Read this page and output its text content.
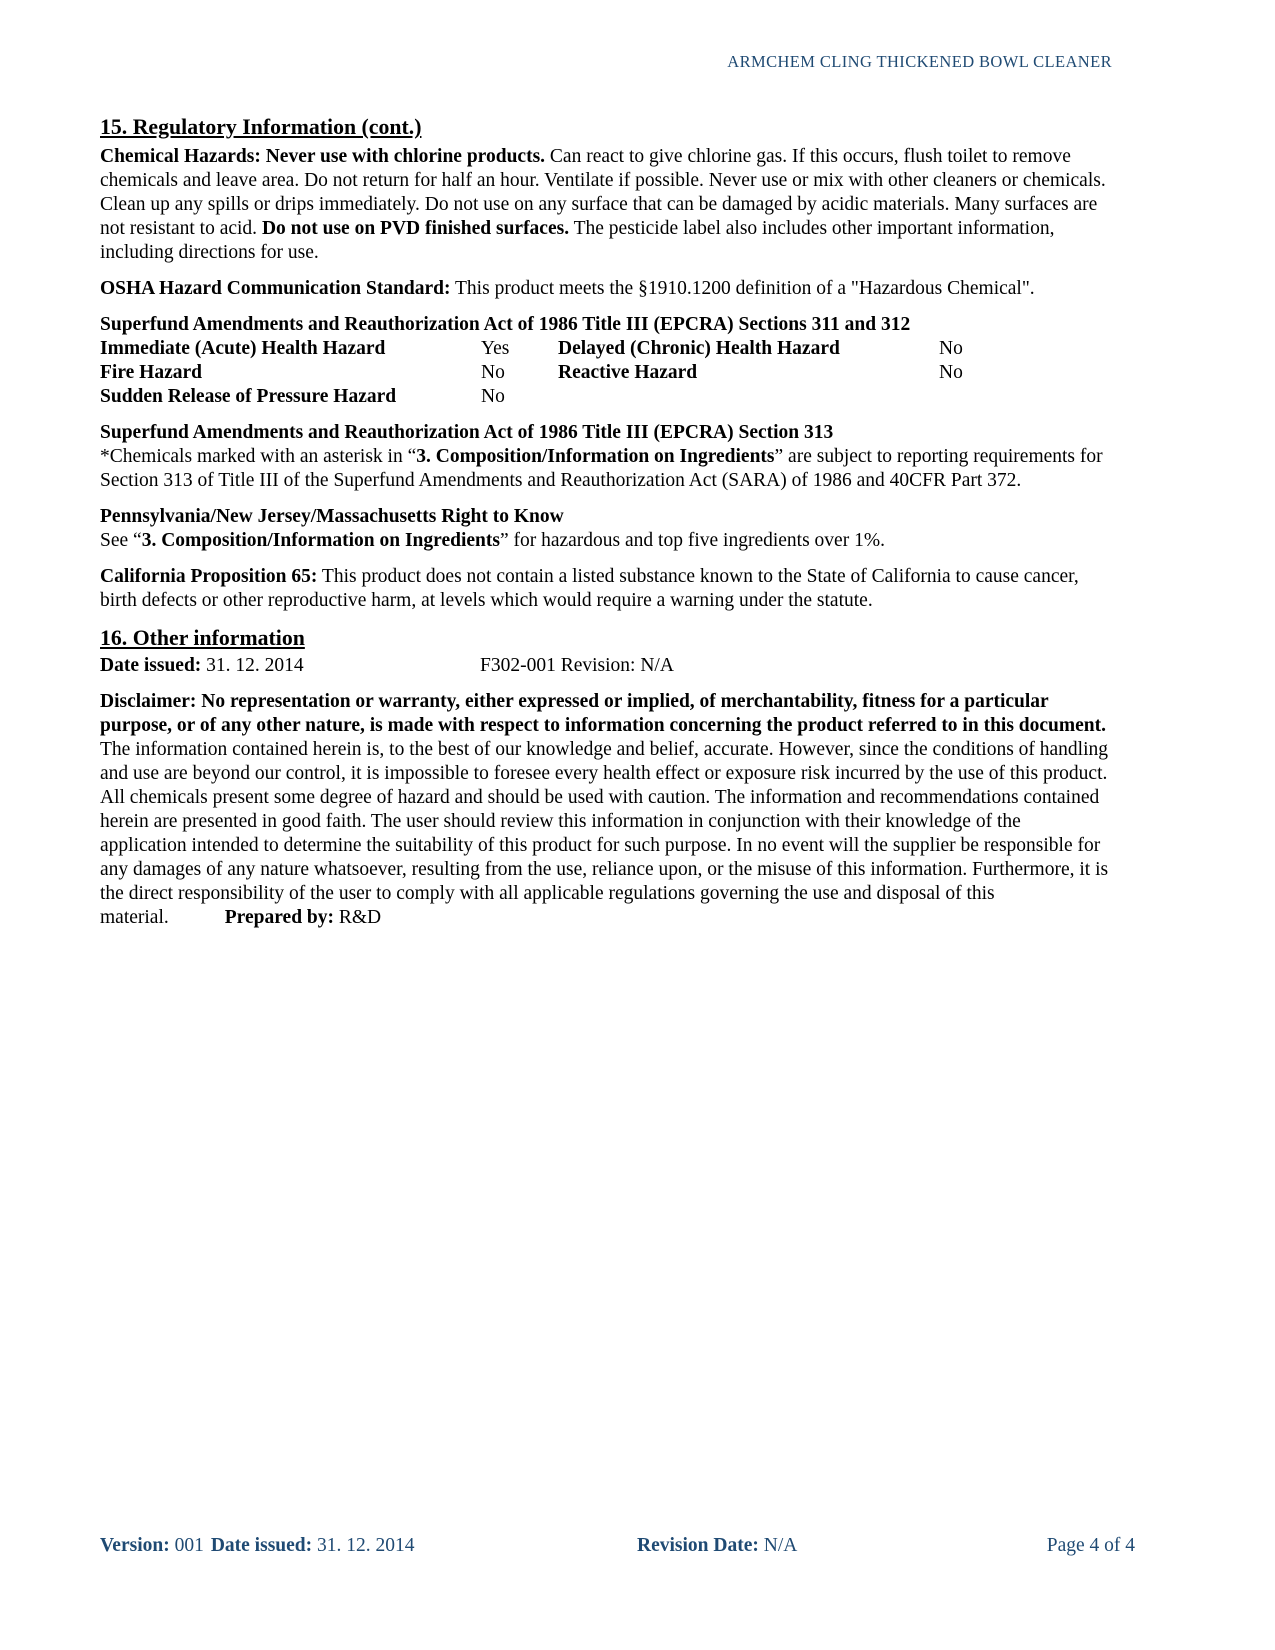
ARMCHEM CLING THICKENED BOWL CLEANER
15. Regulatory Information (cont.)

Chemical Hazards: Never use with chlorine products. Can react to give chlorine gas. If this occurs, flush toilet to remove chemicals and leave area. Do not return for half an hour. Ventilate if possible. Never use or mix with other cleaners or chemicals. Clean up any spills or drips immediately. Do not use on any surface that can be damaged by acidic materials. Many surfaces are not resistant to acid. Do not use on PVD finished surfaces. The pesticide label also includes other important information, including directions for use.

OSHA Hazard Communication Standard: This product meets the §1910.1200 definition of a "Hazardous Chemical".

Superfund Amendments and Reauthorization Act of 1986 Title III (EPCRA) Sections 311 and 312
Immediate (Acute) Health Hazard	Yes	Delayed (Chronic) Health Hazard	No
Fire Hazard	No	Reactive Hazard	No
Sudden Release of Pressure Hazard	No
Superfund Amendments and Reauthorization Act of 1986 Title III (EPCRA) Section 313
*Chemicals marked with an asterisk in “3. Composition/Information on Ingredients” are subject to reporting requirements for Section 313 of Title III of the Superfund Amendments and Reauthorization Act (SARA) of 1986 and 40CFR Part 372.
Pennsylvania/New Jersey/Massachusetts Right to Know
See “3. Composition/Information on Ingredients” for hazardous and top five ingredients over 1%.

California Proposition 65: This product does not contain a listed substance known to the State of California to cause cancer, birth defects or other reproductive harm, at levels which would require a warning under the statute.

16. Other information
Date issued: 31. 12. 2014	F302-001 Revision: N/A

Disclaimer: No representation or warranty, either expressed or implied, of merchantability, fitness for a particular purpose, or of any other nature, is made with respect to information concerning the product referred to in this document. The information contained herein is, to the best of our knowledge and belief, accurate. However, since the conditions of handling and use are beyond our control, it is impossible to foresee every health effect or exposure risk incurred by the use of this product. All chemicals present some degree of hazard and should be used with caution. The information and recommendations contained herein are presented in good faith. The user should review this information in conjunction with their knowledge of the application intended to determine the suitability of this product for such purpose. In no event will the supplier be responsible for any damages of any nature whatsoever, resulting from the use, reliance upon, or the misuse of this information. Furthermore, it is the direct responsibility of the user to comply with all applicable regulations governing the use and disposal of this material.	Prepared by: R&D

Version: 001 Date issued: 31. 12. 2014	Revision Date: N/A	Page 4 of 4
